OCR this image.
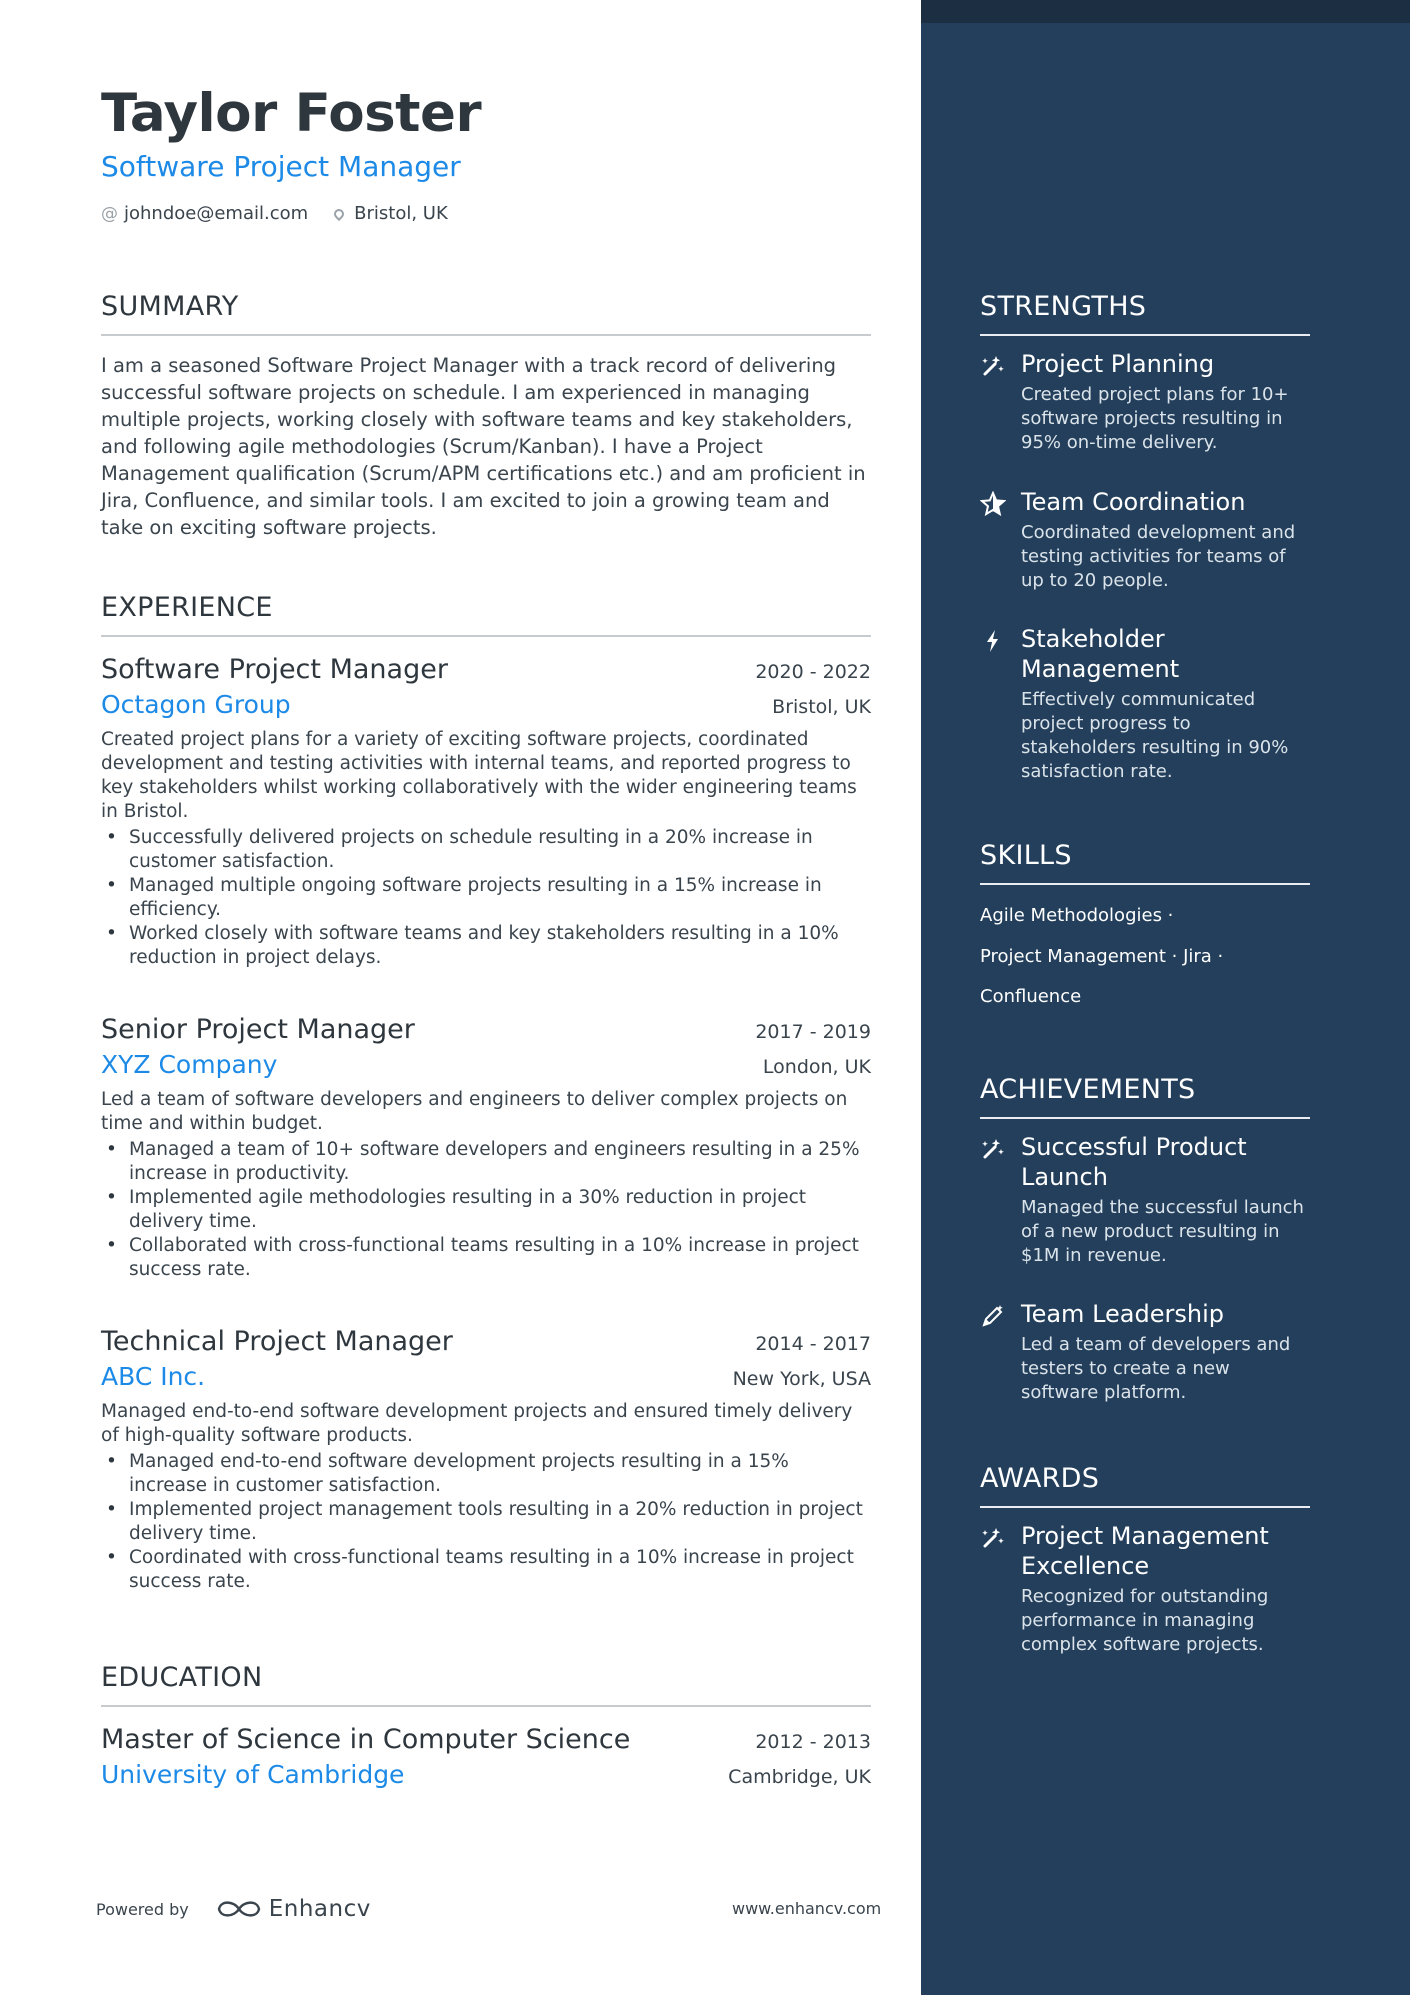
Taylor Foster
Software Project Manager
@ johndoe@email.com	Bristol, UK
SUMMARY
I am a seasoned Software Project Manager with a track record of delivering successful software projects on schedule. I am experienced in managing multiple projects, working closely with software teams and key stakeholders, and following agile methodologies (Scrum/Kanban). I have a Project Management qualification (Scrum/APM certifications etc.) and am proficient in Jira, Confluence, and similar tools. I am excited to join a growing team and take on exciting software projects.
EXPERIENCE
Software Project Manager	2020 - 2022
Octagon Group	Bristol, UK
Created project plans for a variety of exciting software projects, coordinated development and testing activities with internal teams, and reported progress to key stakeholders whilst working collaboratively with the wider engineering teams in Bristol.
• Successfully delivered projects on schedule resulting in a 20% increase in customer satisfaction.
• Managed multiple ongoing software projects resulting in a 15% increase in efficiency.
• Worked closely with software teams and key stakeholders resulting in a 10% reduction in project delays.
Senior Project Manager	2017 - 2019
XYZ Company	London, UK
Led a team of software developers and engineers to deliver complex projects on time and within budget.
• Managed a team of 10+ software developers and engineers resulting in a 25% increase in productivity.
• Implemented agile methodologies resulting in a 30% reduction in project delivery time.
• Collaborated with cross-functional teams resulting in a 10% increase in project success rate.
Technical Project Manager	2014 - 2017
ABC Inc.	New York, USA
Managed end-to-end software development projects and ensured timely delivery of high-quality software products.
• Managed end-to-end software development projects resulting in a 15% increase in customer satisfaction.
• Implemented project management tools resulting in a 20% reduction in project delivery time.
• Coordinated with cross-functional teams resulting in a 10% increase in project success rate.
EDUCATION
Master of Science in Computer Science	2012 - 2013
University of Cambridge	Cambridge, UK
Powered by	Enhancv	www.enhancv.com
STRENGTHS
Project Planning
Created project plans for 10+ software projects resulting in 95% on-time delivery.
Team Coordination
Coordinated development and testing activities for teams of up to 20 people.
Stakeholder Management
Effectively communicated project progress to stakeholders resulting in 90% satisfaction rate.
SKILLS
Agile Methodologies ·
Project Management · Jira ·
Confluence
ACHIEVEMENTS
Successful Product Launch
Managed the successful launch of a new product resulting in $1M in revenue.
Team Leadership
Led a team of developers and testers to create a new software platform.
AWARDS
Project Management Excellence
Recognized for outstanding performance in managing complex software projects.
